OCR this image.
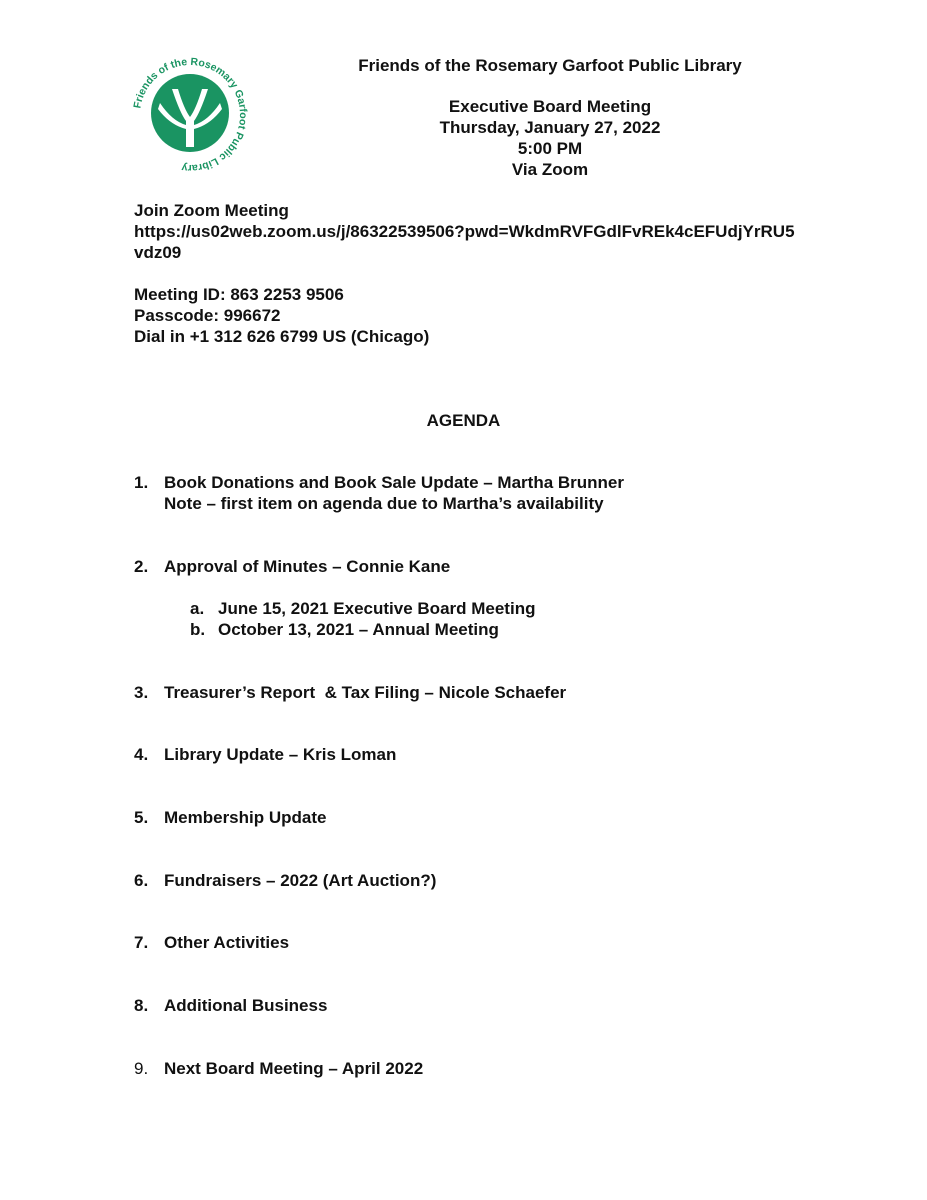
Friends of the Rosemary Garfoot Public Library
Friends of the Rosemary Garfoot Public Library
Executive Board Meeting
Thursday, January 27, 2022
5:00 PM
Via Zoom
Join Zoom Meeting
https://us02web.zoom.us/j/86322539506?pwd=WkdmRVFGdlFvREk4cEFUdjYrRU5
vdz09
Meeting ID: 863 2253 9506
Passcode: 996672
Dial in +1 312 626 6799 US (Chicago)
AGENDA
1. Book Donations and Book Sale Update – Martha Brunner
Note – first item on agenda due to Martha’s availability
2. Approval of Minutes – Connie Kane
a. June 15, 2021 Executive Board Meeting
b. October 13, 2021 – Annual Meeting
3. Treasurer’s Report  & Tax Filing – Nicole Schaefer
4. Library Update – Kris Loman
5. Membership Update
6. Fundraisers – 2022 (Art Auction?)
7. Other Activities
8. Additional Business
9. Next Board Meeting – April 2022
